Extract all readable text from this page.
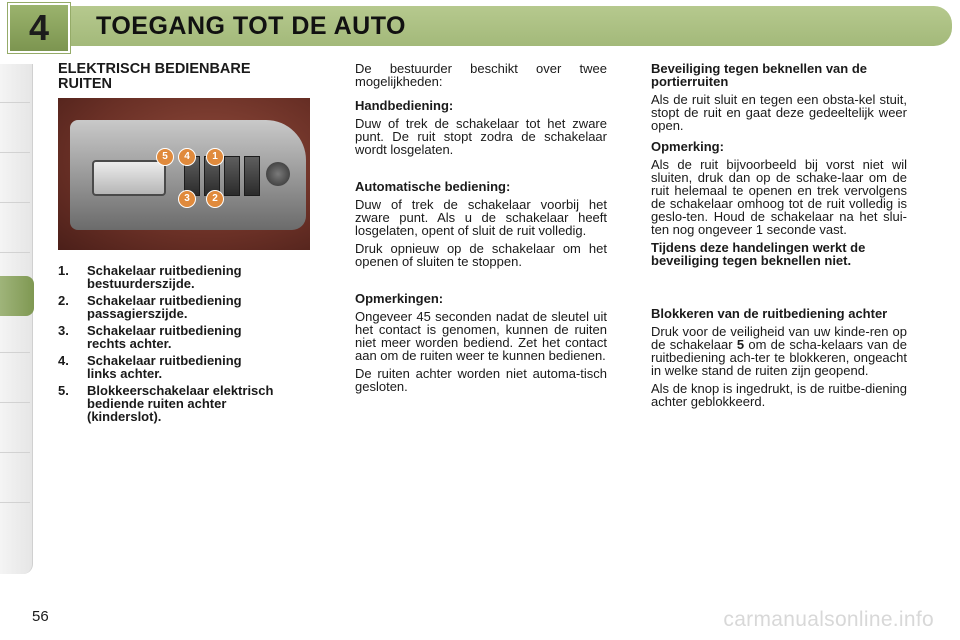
4	TOEGANG TOT DE AUTO
ELEKTRISCH BEDIENBARE
RUITEN
5	4	1
3	2
1. Schakelaar ruitbediening
bestuurderszijde.
2. Schakelaar ruitbediening
passagierszijde.
3. Schakelaar ruitbediening
rechts achter.
4. Schakelaar ruitbediening
links achter.
5. Blokkeerschakelaar elektrisch
bediende ruiten achter
(kinderslot).

De bestuurder beschikt over twee mogelijkheden:

Handbediening:

Duw of trek de schakelaar tot het zware punt. De ruit stopt zodra de schakelaar wordt losgelaten.

Automatische bediening:

Duw of trek de schakelaar voorbij het zware punt. Als u de schakelaar heeft losgelaten, opent of sluit de ruit volledig.

Druk opnieuw op de schakelaar om het openen of sluiten te stoppen.

Opmerkingen:

Ongeveer 45 seconden nadat de sleutel uit het contact is genomen, kunnen de ruiten niet meer worden bediend. Zet het contact aan om de ruiten weer te kunnen bedienen.

De ruiten achter worden niet automa-tisch gesloten.

Beveiliging tegen beknellen van de portierruiten

Als de ruit sluit en tegen een obsta-kel stuit, stopt de ruit en gaat deze gedeeltelijk weer open.

Opmerking:

Als de ruit bijvoorbeeld bij vorst niet wil sluiten, druk dan op de schake-laar om de ruit helemaal te openen en trek vervolgens de schakelaar omhoog tot de ruit volledig is geslo-ten. Houd de schakelaar na het slui-ten nog ongeveer 1 seconde vast.

Tijdens deze handelingen werkt de beveiliging tegen beknellen niet.

Blokkeren van de ruitbediening achter

Druk voor de veiligheid van uw kinde-ren op de schakelaar 5 om de scha-kelaars van de ruitbediening ach-ter te blokkeren, ongeacht in welke stand de ruiten zijn geopend.

Als de knop is ingedrukt, is de ruitbe-diening achter geblokkeerd.

56	carmanualsonline.info
